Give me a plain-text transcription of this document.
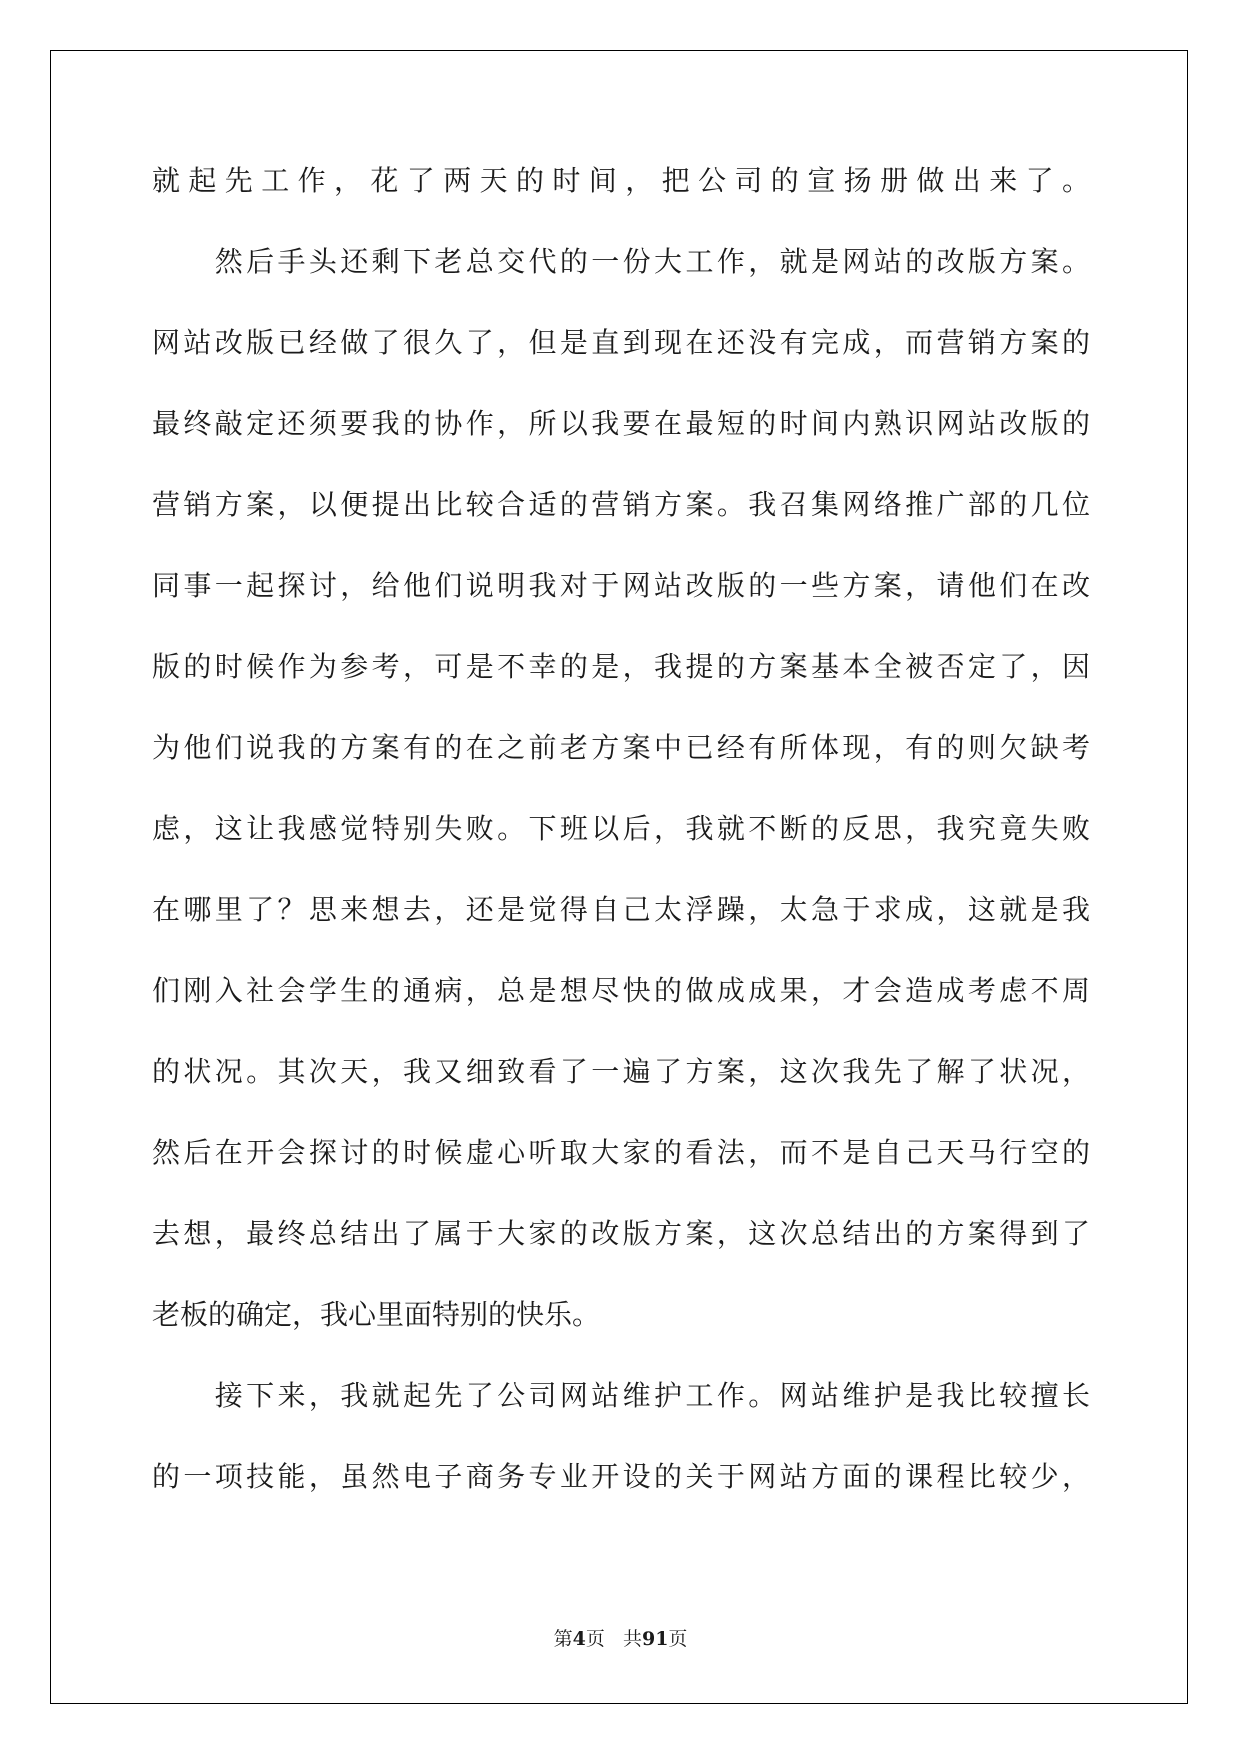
就起先工作，花了两天的时间，把公司的宣扬册做出来了。
　　然后手头还剩下老总交代的一份大工作，就是网站的改版方案。
网站改版已经做了很久了，但是直到现在还没有完成，而营销方案的
最终敲定还须要我的协作，所以我要在最短的时间内熟识网站改版的
营销方案，以便提出比较合适的营销方案。我召集网络推广部的几位
同事一起探讨，给他们说明我对于网站改版的一些方案，请他们在改
版的时候作为参考，可是不幸的是，我提的方案基本全被否定了，因
为他们说我的方案有的在之前老方案中已经有所体现，有的则欠缺考
虑，这让我感觉特别失败。下班以后，我就不断的反思，我究竟失败
在哪里了？思来想去，还是觉得自己太浮躁，太急于求成，这就是我
们刚入社会学生的通病，总是想尽快的做成成果，才会造成考虑不周
的状况。其次天，我又细致看了一遍了方案，这次我先了解了状况，
然后在开会探讨的时候虚心听取大家的看法，而不是自己天马行空的
去想，最终总结出了属于大家的改版方案，这次总结出的方案得到了
老板的确定，我心里面特别的快乐。
　　接下来，我就起先了公司网站维护工作。网站维护是我比较擅长
的一项技能，虽然电子商务专业开设的关于网站方面的课程比较少，
第4页 共91页
